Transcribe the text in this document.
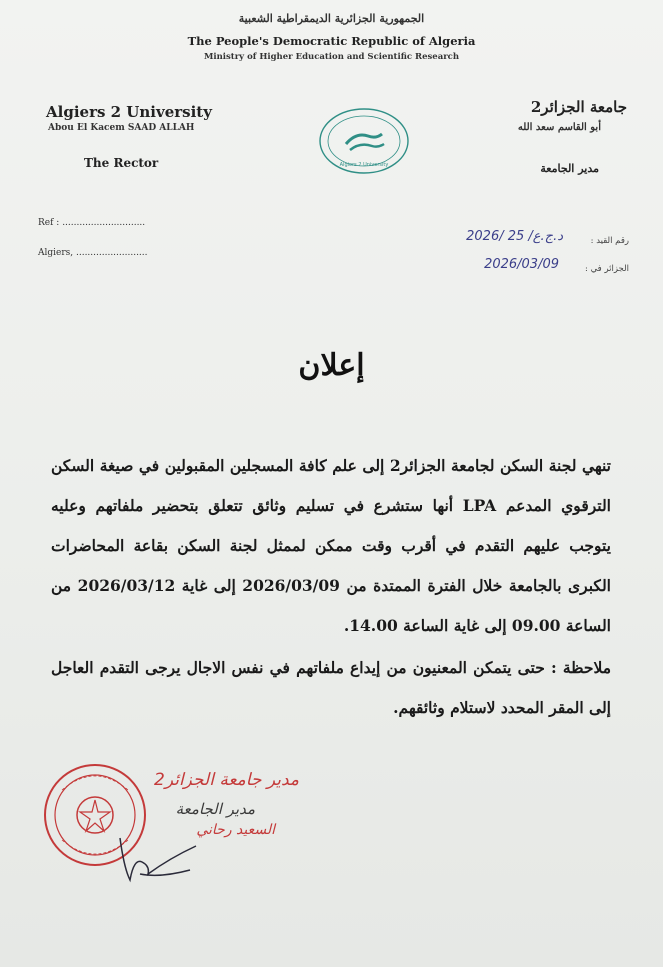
الجمهورية الجزائرية الديمقراطية الشعبية
The People's Democratic Republic of Algeria
Ministry of Higher Education and Scientific Research
Algiers 2 University
Abou El Kacem SAAD ALLAH
The Rector
جامعة الجزائر2
أبو القاسم سعد الله
مدير الجامعة
Algiers 2 University
Ref : .............................
Algiers, .........................
رقم القيد :
الجزائر في :
2026/ د.ج.ع/ 25
2026/03/09
إعلان

تنهي لجنة السكن لجامعة الجزائر2 إلى علم كافة المسجلين المقبولين في صيغة السكن الترقوي المدعم LPA أنها ستشرع في تسليم وثائق تتعلق بتحضير ملفاتهم وعليه يتوجب عليهم التقدم في أقرب وقت ممكن لممثل لجنة السكن بقاعة المحاضرات الكبرى بالجامعة خلال الفترة الممتدة من 2026/03/09 إلى غاية 2026/03/12 من الساعة 09.00 إلى غاية الساعة 14.00.

ملاحظة : حتى يتمكن المعنيون من إيداع ملفاتهم في نفس الاجال يرجى التقدم العاجل إلى المقر المحدد لاستلام وثائقهم.

مدير جامعة الجزائر2
مدير الجامعة
السعيد رحاني
